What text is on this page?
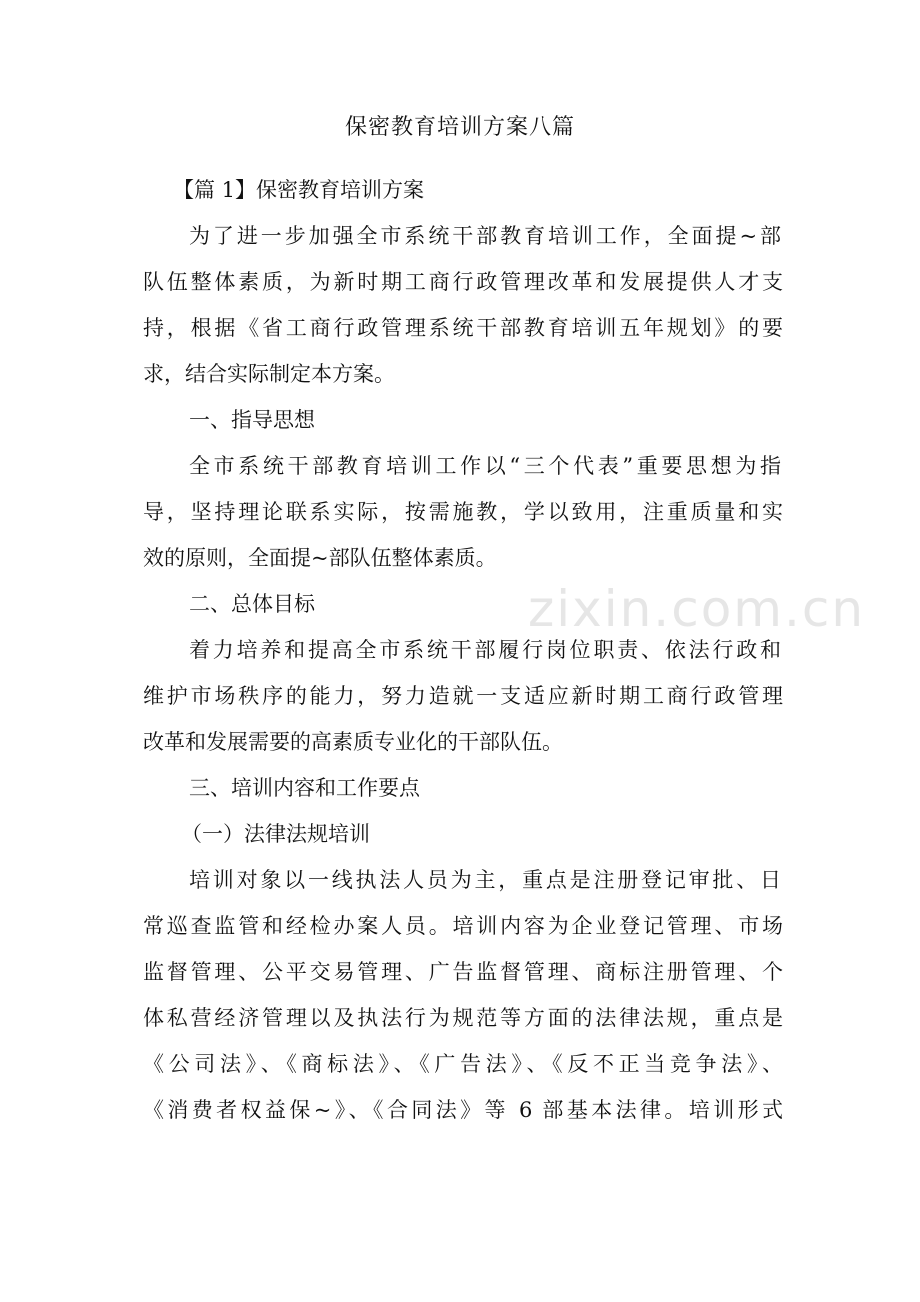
zixin.com.cn
保密教育培训方案八篇
【篇 1】保密教育培训方案
为了进一步加强全市系统干部教育培训工作，全面提~部
队伍整体素质，为新时期工商行政管理改革和发展提供人才支
持，根据《省工商行政管理系统干部教育培训五年规划》的要
求，结合实际制定本方案。
一、指导思想
全市系统干部教育培训工作以“三个代表”重要思想为指
导，坚持理论联系实际，按需施教，学以致用，注重质量和实
效的原则，全面提~部队伍整体素质。
二、总体目标
着力培养和提高全市系统干部履行岗位职责、依法行政和
维护市场秩序的能力，努力造就一支适应新时期工商行政管理
改革和发展需要的高素质专业化的干部队伍。
三、培训内容和工作要点
（一）法律法规培训
培训对象以一线执法人员为主，重点是注册登记审批、日
常巡查监管和经检办案人员。培训内容为企业登记管理、市场
监督管理、公平交易管理、广告监督管理、商标注册管理、个
体私营经济管理以及执法行为规范等方面的法律法规，重点是
《公司法》、《商标法》、《广告法》、《反不正当竞争法》、
《消费者权益保~》、《合同法》等 6 部基本法律。培训形式
